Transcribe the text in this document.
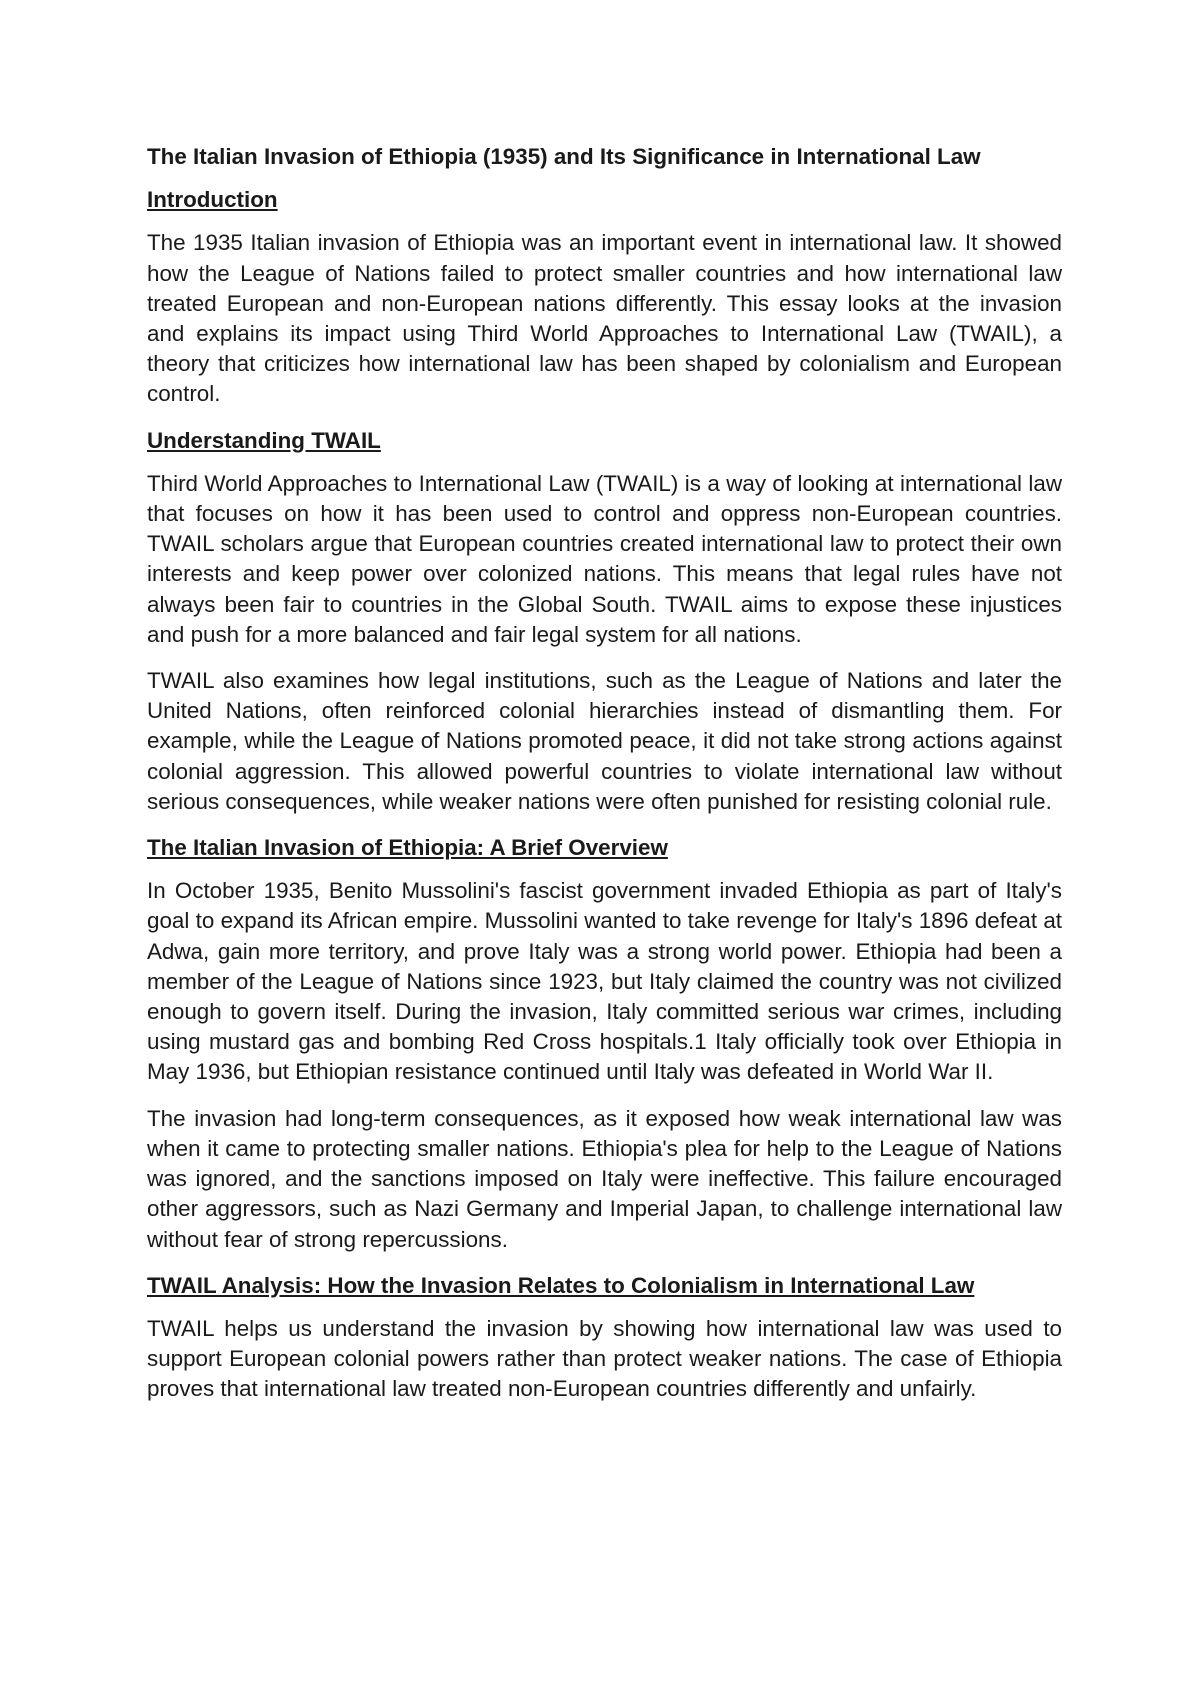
The Italian Invasion of Ethiopia (1935) and Its Significance in International Law
Introduction

The 1935 Italian invasion of Ethiopia was an important event in international law. It showed how the League of Nations failed to protect smaller countries and how international law treated European and non-European nations differently. This essay looks at the invasion and explains its impact using Third World Approaches to International Law (TWAIL), a theory that criticizes how international law has been shaped by colonialism and European control.

Understanding TWAIL

Third World Approaches to International Law (TWAIL) is a way of looking at international law that focuses on how it has been used to control and oppress non-European countries. TWAIL scholars argue that European countries created international law to protect their own interests and keep power over colonized nations. This means that legal rules have not always been fair to countries in the Global South. TWAIL aims to expose these injustices and push for a more balanced and fair legal system for all nations.

TWAIL also examines how legal institutions, such as the League of Nations and later the United Nations, often reinforced colonial hierarchies instead of dismantling them. For example, while the League of Nations promoted peace, it did not take strong actions against colonial aggression. This allowed powerful countries to violate international law without serious consequences, while weaker nations were often punished for resisting colonial rule.

The Italian Invasion of Ethiopia: A Brief Overview

In October 1935, Benito Mussolini's fascist government invaded Ethiopia as part of Italy's goal to expand its African empire. Mussolini wanted to take revenge for Italy's 1896 defeat at Adwa, gain more territory, and prove Italy was a strong world power. Ethiopia had been a member of the League of Nations since 1923, but Italy claimed the country was not civilized enough to govern itself. During the invasion, Italy committed serious war crimes, including using mustard gas and bombing Red Cross hospitals.1 Italy officially took over Ethiopia in May 1936, but Ethiopian resistance continued until Italy was defeated in World War II.

The invasion had long-term consequences, as it exposed how weak international law was when it came to protecting smaller nations. Ethiopia's plea for help to the League of Nations was ignored, and the sanctions imposed on Italy were ineffective. This failure encouraged other aggressors, such as Nazi Germany and Imperial Japan, to challenge international law without fear of strong repercussions.

TWAIL Analysis: How the Invasion Relates to Colonialism in International Law

TWAIL helps us understand the invasion by showing how international law was used to support European colonial powers rather than protect weaker nations. The case of Ethiopia proves that international law treated non-European countries differently and unfairly.
